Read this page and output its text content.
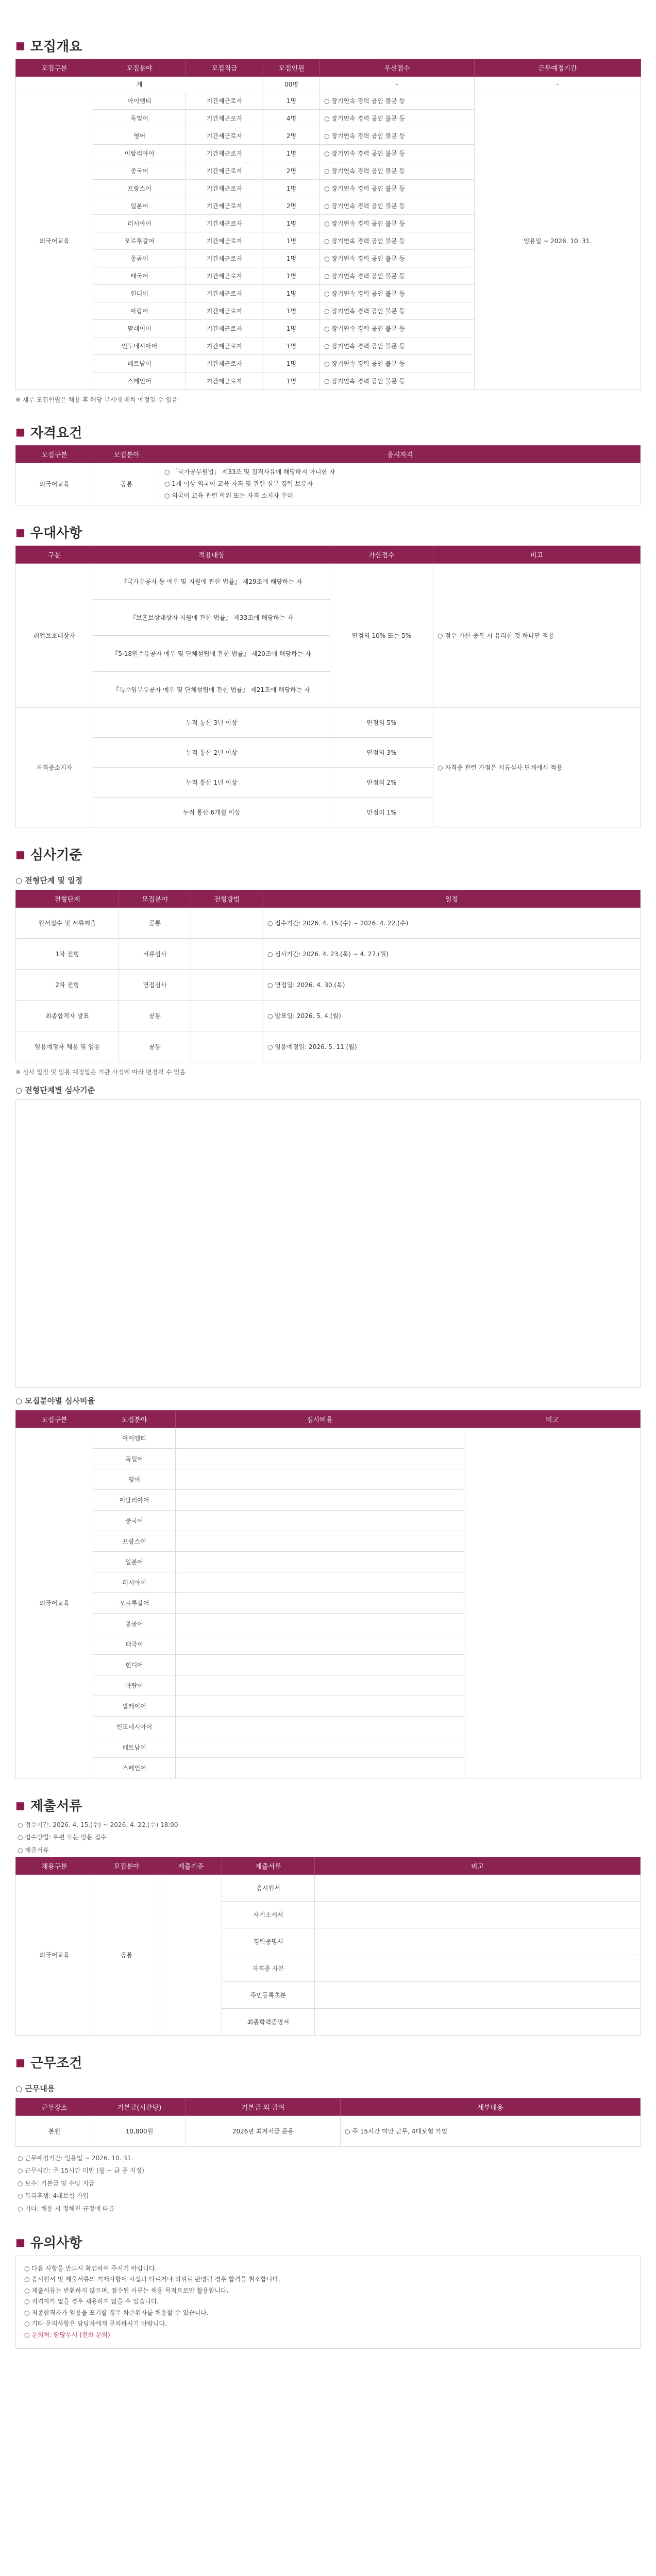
■ 모집개요
모집구분	모집분야	모집직급	모집인원	우선접수	근무예정기간
계			00명	-	-
외국어교육	아이엠티	기간제근로자	1명	○ 장기연속 경력 공인 불문 등	임용일 ~ 2026. 10. 31.
	독일어	기간제근로자	4명	○ 장기연속 경력 공인 불문 등	
	영어	기간제근로자	2명	○ 장기연속 경력 공인 불문 등	
	이탈리아어	기간제근로자	1명	○ 장기연속 경력 공인 불문 등	
	중국어	기간제근로자	2명	○ 장기연속 경력 공인 불문 등	
	프랑스어	기간제근로자	1명	○ 장기연속 경력 공인 불문 등	
	일본어	기간제근로자	2명	○ 장기연속 경력 공인 불문 등	
	러시아어	기간제근로자	1명	○ 장기연속 경력 공인 불문 등	
	포르투갈어	기간제근로자	1명	○ 장기연속 경력 공인 불문 등	
	몽골어	기간제근로자	1명	○ 장기연속 경력 공인 불문 등	
	태국어	기간제근로자	1명	○ 장기연속 경력 공인 불문 등	
	힌디어	기간제근로자	1명	○ 장기연속 경력 공인 불문 등	
	아랍어	기간제근로자	1명	○ 장기연속 경력 공인 불문 등	
	말레이어	기간제근로자	1명	○ 장기연속 경력 공인 불문 등	
	인도네시아어	기간제근로자	1명	○ 장기연속 경력 공인 불문 등	
	베트남어	기간제근로자	1명	○ 장기연속 경력 공인 불문 등	
	스페인어	기간제근로자	1명	○ 장기연속 경력 공인 불문 등	
※ 세부 모집인원은 채용 후 해당 부서에 배치 예정일 수 있음
■ 자격요건
모집구분	모집분야	응시자격
외국어교육	공통	○ 「국가공무원법」 제33조 및 결격사유에 해당하지 아니한 자
○ 1개 이상 외국어 교육 자격 및 관련 실무 경력 보유자
○ 외국어 교육 관련 학위 또는 자격 소지자 우대
■ 우대사항
구분	적용대상	가산점수	비고
취업보호대상자	『국가유공자 등 예우 및 지원에 관한 법률』 제29조에 해당하는 자	만점의 10% 또는 5%	○ 점수 가산 중복 시 유리한 것 하나만 적용
	『보훈보상대상자 지원에 관한 법률』 제33조에 해당하는 자		
	『5·18민주유공자 예우 및 단체설립에 관한 법률』 제20조에 해당하는 자		
	『특수임무유공자 예우 및 단체설립에 관한 법률』 제21조에 해당하는 자		
자격증소지자	누적 통산 3년 이상	만점의 5%	○ 자격증 관련 가점은 서류심사 단계에서 적용
	누적 통산 2년 이상	만점의 3%	
	누적 통산 1년 이상	만점의 2%	
	누적 통산 6개월 이상	만점의 1%	
■ 심사기준
○ 전형단계 및 일정
전형단계	모집분야	전형방법	일정
원서접수 및 서류제출	공통		○ 접수기간: 2026. 4. 15.(수) ~ 2026. 4. 22.(수)
1차 전형	서류심사		○ 심사기간: 2026. 4. 23.(목) ~ 4. 27.(월)
2차 전형	면접심사		○ 면접일: 2026. 4. 30.(목)
최종합격자 발표	공통		○ 발표일: 2026. 5. 4.(월)
임용예정자 채용 및 임용	공통		○ 임용예정일: 2026. 5. 11.(월)
※ 심사 일정 및 임용 예정일은 기관 사정에 따라 변경될 수 있음
○ 전형단계별 심사기준
○ 모집분야별 심사비율
모집구분	모집분야	심사비율	비고
외국어교육	아이엠티		
	독일어		
	영어		
	이탈리아어		
	중국어		
	프랑스어		
	일본어		
	러시아어		
	포르투갈어		
	몽골어		
	태국어		
	힌디어		
	아랍어		
	말레이어		
	인도네시아어		
	베트남어		
	스페인어		
■ 제출서류
○ 접수기간: 2026. 4. 15.(수) ~ 2026. 4. 22.(수) 18:00
○ 접수방법: 우편 또는 방문 접수
○ 제출서류
채용구분	모집분야	제출기준	제출서류	비고
외국어교육	공통		응시원서	
			자기소개서	
			경력증명서	
			자격증 사본	
			주민등록초본	
			최종학력증명서	
■ 근무조건
○ 근무내용
근무장소	기본급(시간당)	기본급 외 급여	세부내용
본원	10,800원	2026년 최저시급 준용	○ 주 15시간 미만 근무, 4대보험 가입
○ 근무예정기간: 임용일 ~ 2026. 10. 31.
○ 근무시간: 주 15시간 미만 (월 ~ 금 중 지정)
○ 보수: 기본급 및 수당 지급
○ 복리후생: 4대보험 가입
○ 기타: 채용 시 정해진 규정에 따름
■ 유의사항
○ 다음 사항을 반드시 확인하여 주시기 바랍니다.
○ 응시원서 및 제출서류의 기재사항이 사실과 다르거나 허위로 판명될 경우 합격을 취소합니다.
○ 제출서류는 반환하지 않으며, 접수된 서류는 채용 목적으로만 활용합니다.
○ 적격자가 없을 경우 채용하지 않을 수 있습니다.
○ 최종합격자가 임용을 포기할 경우 차순위자를 채용할 수 있습니다.
○ 기타 문의사항은 담당자에게 문의하시기 바랍니다.
○ 문의처: 담당부서 (전화 문의)
